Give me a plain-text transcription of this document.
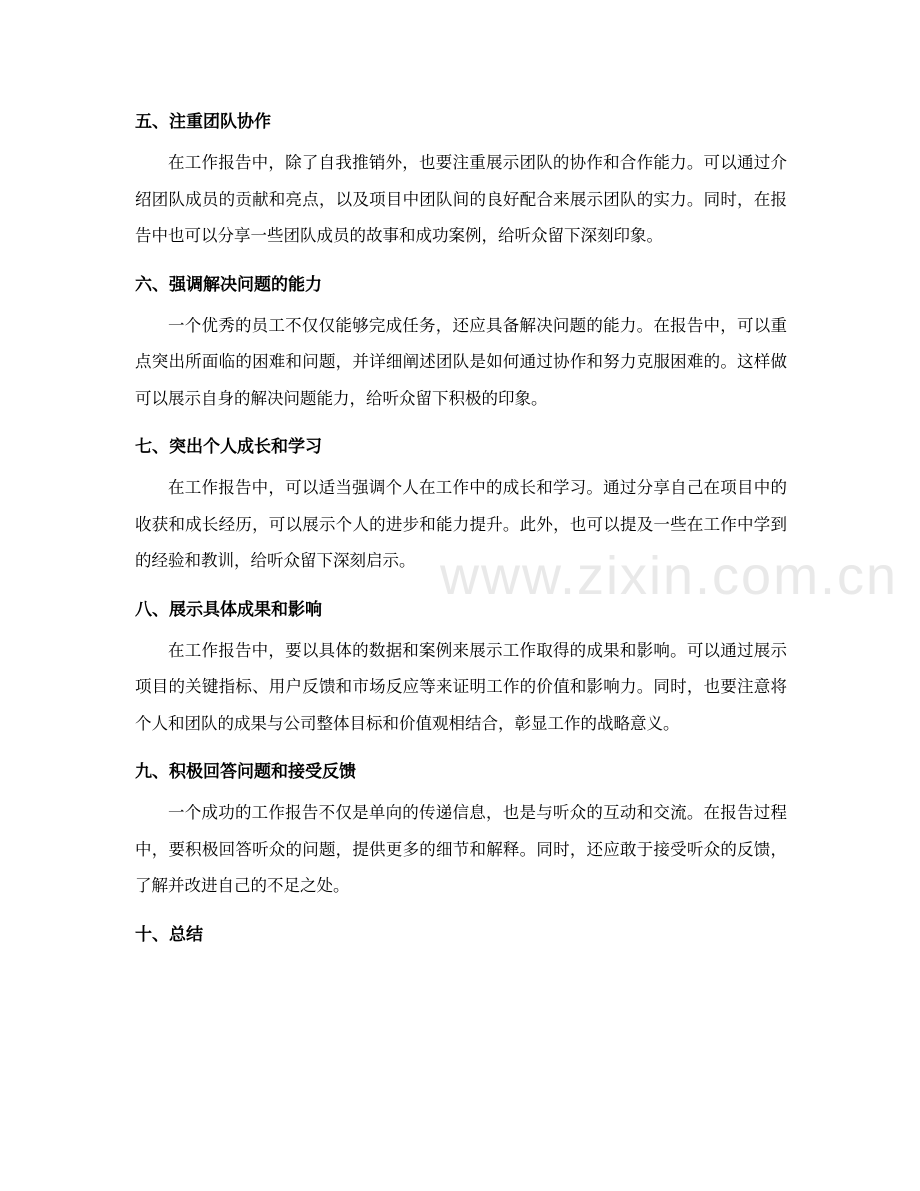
www.zixin.com.cn
五、注重团队协作

在工作报告中，除了自我推销外，也要注重展示团队的协作和合作能力。可以通过介绍团队成员的贡献和亮点，以及项目中团队间的良好配合来展示团队的实力。同时，在报告中也可以分享一些团队成员的故事和成功案例，给听众留下深刻印象。

六、强调解决问题的能力

一个优秀的员工不仅仅能够完成任务，还应具备解决问题的能力。在报告中，可以重点突出所面临的困难和问题，并详细阐述团队是如何通过协作和努力克服困难的。这样做可以展示自身的解决问题能力，给听众留下积极的印象。

七、突出个人成长和学习

在工作报告中，可以适当强调个人在工作中的成长和学习。通过分享自己在项目中的收获和成长经历，可以展示个人的进步和能力提升。此外，也可以提及一些在工作中学到的经验和教训，给听众留下深刻启示。

八、展示具体成果和影响

在工作报告中，要以具体的数据和案例来展示工作取得的成果和影响。可以通过展示项目的关键指标、用户反馈和市场反应等来证明工作的价值和影响力。同时，也要注意将个人和团队的成果与公司整体目标和价值观相结合，彰显工作的战略意义。

九、积极回答问题和接受反馈

一个成功的工作报告不仅是单向的传递信息，也是与听众的互动和交流。在报告过程中，要积极回答听众的问题，提供更多的细节和解释。同时，还应敢于接受听众的反馈，了解并改进自己的不足之处。

十、总结
